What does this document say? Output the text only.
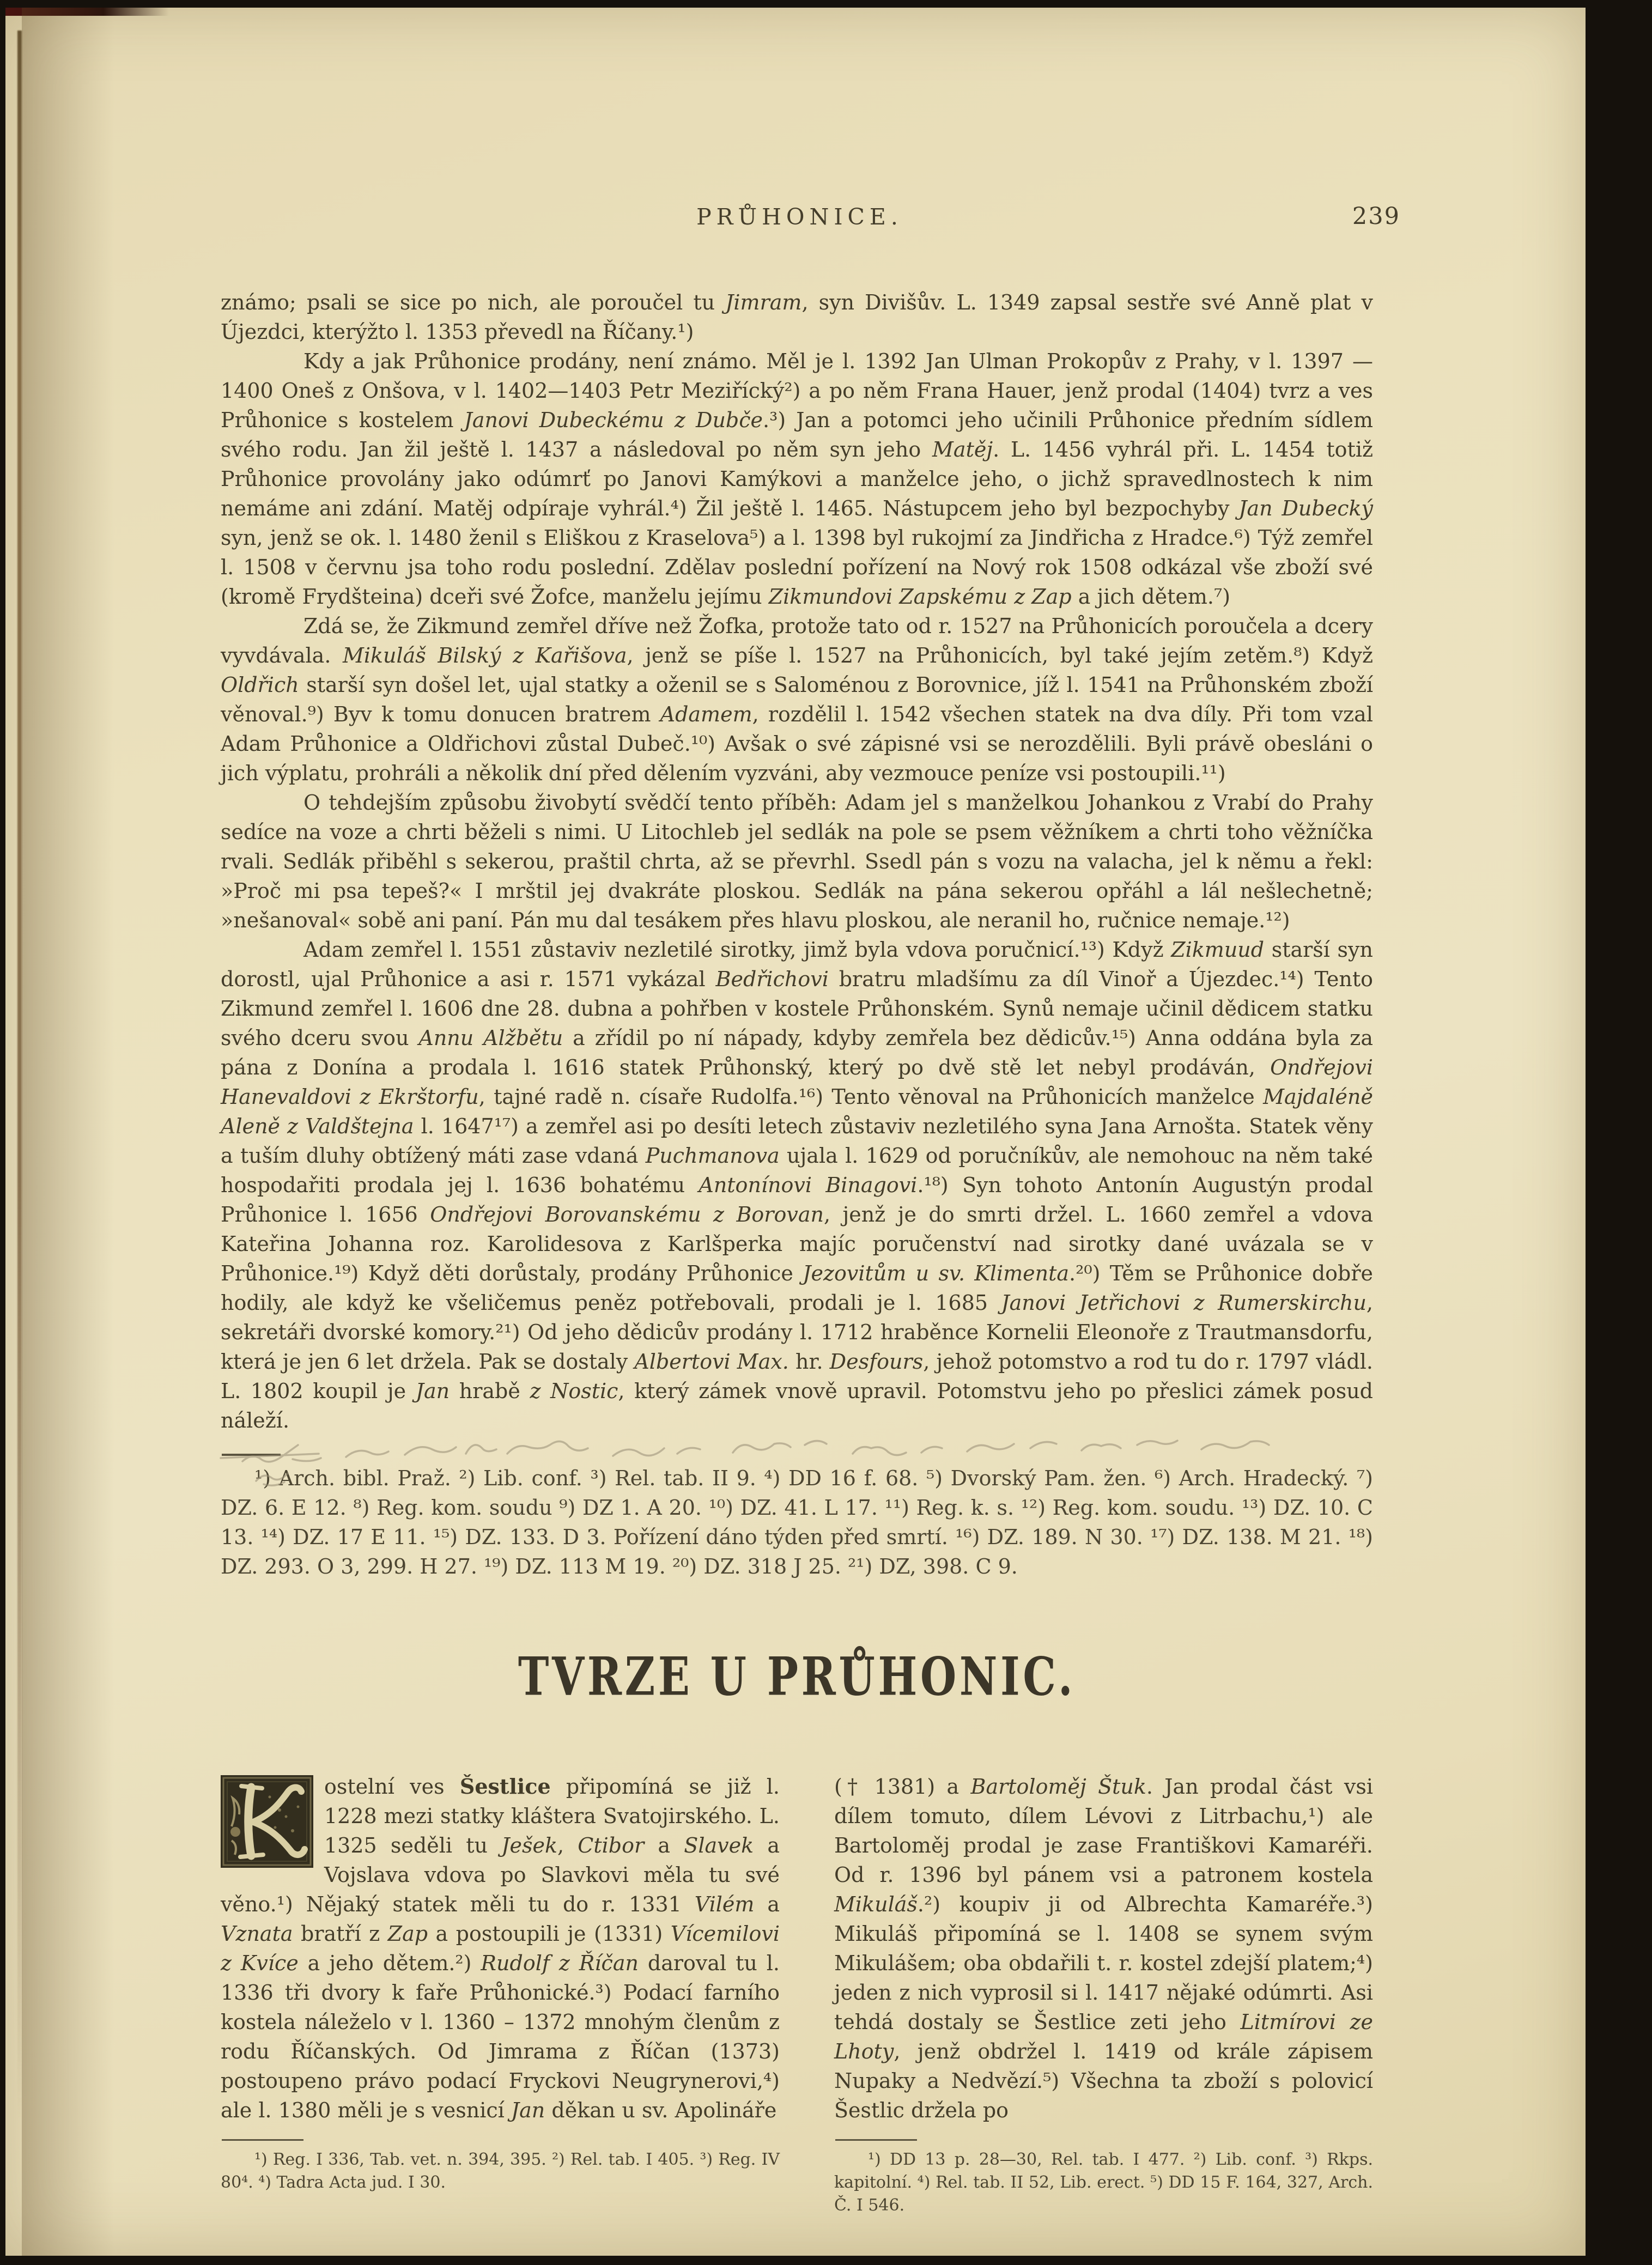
PRŮHONICE.	239

známo; psali se sice po nich, ale poroučel tu Jimram, syn Divišův. L. 1349 zapsal sestře své Anně plat v Újezdci, kterýžto l. 1353 převedl na Říčany.¹)

Kdy a jak Průhonice prodány, není známo. Měl je l. 1392 Jan Ulman Prokopův z Prahy, v l. 1397 —1400 Oneš z Onšova, v l. 1402—1403 Petr Meziřícký²) a po něm Frana Hauer, jenž prodal (1404) tvrz a ves Průhonice s kostelem Janovi Dubeckému z Dubče.³) Jan a potomci jeho učinili Průhonice předním sídlem svého rodu. Jan žil ještě l. 1437 a následoval po něm syn jeho Matěj. L. 1456 vyhrál při. L. 1454 totiž Průhonice provolány jako odúmrť po Janovi Kamýkovi a manželce jeho, o jichž spravedlnostech k nim nemáme ani zdání. Matěj odpíraje vyhrál.⁴) Žil ještě l. 1465. Nástupcem jeho byl bezpochyby Jan Dubecký syn, jenž se ok. l. 1480 ženil s Eliškou z Kraselova⁵) a l. 1398 byl rukojmí za Jindřicha z Hradce.⁶) Týž zemřel l. 1508 v červnu jsa toho rodu poslední. Zdělav poslední pořízení na Nový rok 1508 odkázal vše zboží své (kromě Frydšteina) dceři své Žofce, manželu jejímu Zikmundovi Zapskému z Zap a jich dětem.⁷)

Zdá se, že Zikmund zemřel dříve než Žofka, protože tato od r. 1527 na Průhonicích poroučela a dcery vyvdávala. Mikuláš Bilský z Kařišova, jenž se píše l. 1527 na Průhonicích, byl také jejím zetěm.⁸) Když Oldřich starší syn došel let, ujal statky a oženil se s Saloménou z Borovnice, jíž l. 1541 na Průhonském zboží věnoval.⁹) Byv k tomu donucen bratrem Adamem, rozdělil l. 1542 všechen statek na dva díly. Při tom vzal Adam Průhonice a Oldřichovi zůstal Dubeč.¹⁰) Avšak o své zápisné vsi se nerozdělili. Byli právě obesláni o jich výplatu, prohráli a několik dní před dělením vyzváni, aby vezmouce peníze vsi postoupili.¹¹)

O tehdejším způsobu živobytí svědčí tento příběh: Adam jel s manželkou Johankou z Vrabí do Prahy sedíce na voze a chrti běželi s nimi. U Litochleb jel sedlák na pole se psem věžníkem a chrti toho věžníčka rvali. Sedlák přiběhl s sekerou, praštil chrta, až se převrhl. Ssedl pán s vozu na valacha, jel k němu a řekl: »Proč mi psa tepeš?« I mrštil jej dvakráte ploskou. Sedlák na pána sekerou opřáhl a lál nešlechetně; »nešanoval« sobě ani paní. Pán mu dal tesákem přes hlavu ploskou, ale neranil ho, ručnice nemaje.¹²)

Adam zemřel l. 1551 zůstaviv nezletilé sirotky, jimž byla vdova poručnicí.¹³) Když Zikmuud starší syn dorostl, ujal Průhonice a asi r. 1571 vykázal Bedřichovi bratru mladšímu za díl Vinoř a Újezdec.¹⁴) Tento Zikmund zemřel l. 1606 dne 28. dubna a pohřben v kostele Průhonském. Synů nemaje učinil dědicem statku svého dceru svou Annu Alžbětu a zřídil po ní nápady, kdyby zemřela bez dědicův.¹⁵) Anna oddána byla za pána z Donína a prodala l. 1616 statek Průhonský, který po dvě stě let nebyl prodáván, Ondřejovi Hanevaldovi z Ekrštorfu, tajné radě n. císaře Rudolfa.¹⁶) Tento věnoval na Průhonicích manželce Majdaléně Aleně z Valdštejna l. 1647¹⁷) a zemřel asi po desíti letech zůstaviv nezletilého syna Jana Arnošta. Statek věny a tuším dluhy obtížený máti zase vdaná Puchmanova ujala l. 1629 od poručníkův, ale nemohouc na něm také hospodařiti prodala jej l. 1636 bohatému Antonínovi Binagovi.¹⁸) Syn tohoto Antonín Augustýn prodal Průhonice l. 1656 Ondřejovi Borovanskému z Borovan, jenž je do smrti držel. L. 1660 zemřel a vdova Kateřina Johanna roz. Karolidesova z Karlšperka majíc poručenství nad sirotky dané uvázala se v Průhonice.¹⁹) Když děti dorůstaly, prodány Průhonice Jezovitům u sv. Klimenta.²⁰) Těm se Průhonice dobře hodily, ale když ke všeličemus peněz potřebovali, prodali je l. 1685 Janovi Jetřichovi z Rumerskirchu, sekretáři dvorské komory.²¹) Od jeho dědicův prodány l. 1712 hraběnce Kornelii Eleonoře z Trautmansdorfu, která je jen 6 let držela. Pak se dostaly Albertovi Max. hr. Desfours, jehož potomstvo a rod tu do r. 1797 vládl. L. 1802 koupil je Jan hrabě z Nostic, který zámek vnově upravil. Potomstvu jeho po přeslici zámek posud náleží.

¹) Arch. bibl. Praž. ²) Lib. conf. ³) Rel. tab. II 9. ⁴) DD 16 f. 68. ⁵) Dvorský Pam. žen. ⁶) Arch. Hradecký. ⁷) DZ. 6. E 12. ⁸) Reg. kom. soudu ⁹) DZ 1. A 20. ¹⁰) DZ. 41. L 17. ¹¹) Reg. k. s. ¹²) Reg. kom. soudu. ¹³) DZ. 10. C 13. ¹⁴) DZ. 17 E 11. ¹⁵) DZ. 133. D 3. Pořízení dáno týden před smrtí. ¹⁶) DZ. 189. N 30. ¹⁷) DZ. 138. M 21. ¹⁸) DZ. 293. O 3, 299. H 27. ¹⁹) DZ. 113 M 19. ²⁰) DZ. 318 J 25. ²¹) DZ, 398. C 9.

TVRZE U PRŮHONIC.

ostelní ves Šestlice připomíná se již l. 1228 mezi statky kláštera Svatojirského. L. 1325 seděli tu Ješek, Ctibor a Slavek a Vojslava vdova po Slavkovi měla tu své věno.¹) Nějaký statek měli tu do r. 1331 Vilém a Vznata bratří z Zap a postoupili je (1331) Vícemilovi z Kvíce a jeho dětem.²) Rudolf z Říčan daroval tu l. 1336 tři dvory k faře Průhonické.³) Podací farního kostela náleželo v l. 1360 – 1372 mnohým členům z rodu Říčanských. Od Jimrama z Říčan (1373) postoupeno právo podací Fryckovi Neugrynerovi,⁴) ale l. 1380 měli je s vesnicí Jan děkan u sv. Apolináře

¹) Reg. I 336, Tab. vet. n. 394, 395. ²) Rel. tab. I 405. ³) Reg. IV 80⁴. ⁴) Tadra Acta jud. I 30.

(† 1381) a Bartoloměj Štuk. Jan prodal část vsi dílem tomuto, dílem Lévovi z Litrbachu,¹) ale Bartoloměj prodal je zase Františkovi Kamaréři. Od r. 1396 byl pánem vsi a patronem kostela Mikuláš.²) koupiv ji od Albrechta Kamaréře.³) Mikuláš připomíná se l. 1408 se synem svým Mikulášem; oba obdařili t. r. kostel zdejší platem;⁴) jeden z nich vyprosil si l. 1417 nějaké odúmrti. Asi tehdá dostaly se Šestlice zeti jeho Litmírovi ze Lhoty, jenž obdržel l. 1419 od krále zápisem Nupaky a Nedvězí.⁵) Všechna ta zboží s polovicí Šestlic držela po

¹) DD 13 p. 28—30, Rel. tab. I 477. ²) Lib. conf. ³) Rkps. kapitolní. ⁴) Rel. tab. II 52, Lib. erect. ⁵) DD 15 F. 164, 327, Arch. Č. I 546.
